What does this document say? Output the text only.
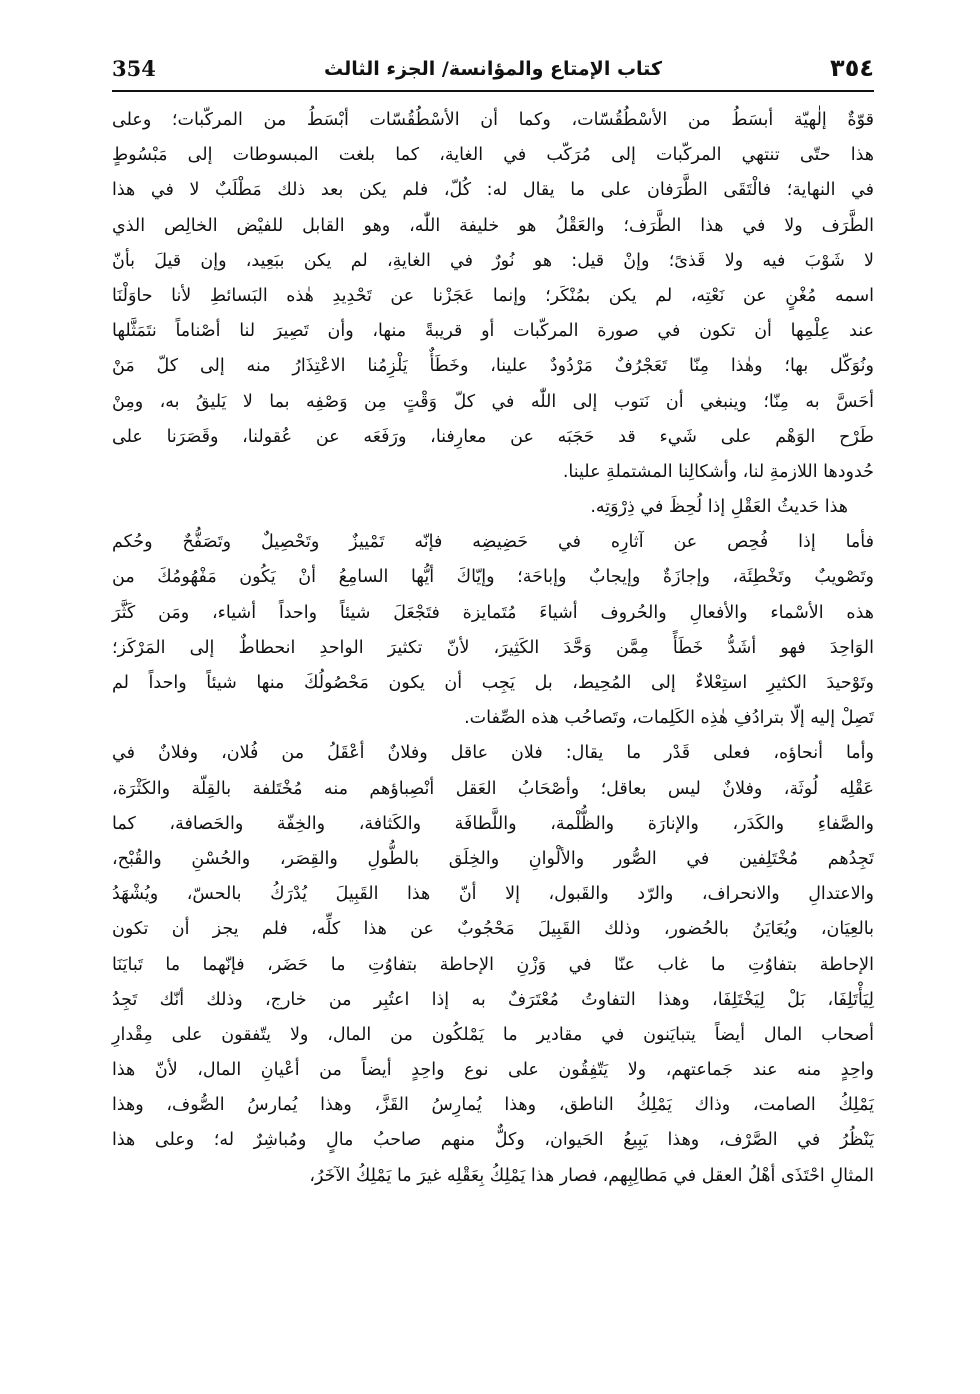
354	كتاب الإمتاع والمؤانسة/ الجزء الثالث	٣٥٤
قوّةٌ إلٰهيّة أبسَطُ من الأسْطُقُسّات، وكما أن الأسْطُقُسّات أبْسَطُ من المركّبات؛ وعلى
هذا حتّى تنتهي المركّبات إلى مُرَكّب في الغاية، كما بلغت المبسوطات إلى مَبْسُوطٍ
في النهاية؛ فالْتَقَى الطَّرَفان على ما يقال له: كُلّ، فلم يكن بعد ذلك مَطْلَبٌ لا في هذا
الطَّرَف ولا في هذا الطَّرَف؛ والعَقْلُ هو خليفة اللّٰه، وهو القابل للفيْض الخالِص الذي
لا شَوْبَ فيه ولا قَذىً؛ وإنْ قيل: هو نُورٌ في الغايةِ، لم يكن ببَعِيد، وإن قيلَ بأنّ
اسمه مُغْنٍ عن نَعْتِه، لم يكن بمُنْكَر؛ وإنما عَجَزْنا عن تَحْدِيدِ هٰذه البَسائطِ لأنا حاوَلْنَا
عند عِلْمِها أن تكون في صورة المركّبات أو قريبةً منها، وأن تَصِيرَ لنا أصْناماً نتَمَثَّلها
ونُوَكّل بها؛ وهٰذا مِنّا تَعَجْرُفٌ مَرْدُودٌ علينا، وخَطَأٌ يَلْزِمُنا الاعْتِذَارُ منه إلى كلّ مَنْ
أحَسَّ به مِنّا؛ وينبغي أن نَتوب إلى اللّٰه في كلّ وَقْتٍ مِن وَصْفِه بما لا يَليقُ به، ومِنْ
طَرْح الوَهْم على شَيء قد حَجَبَه عن معارِفنا، ورَفَعَه عن عُقولنا، وقَصَرَنا على
حُدودها اللازمةِ لنا، وأشكالِنا المشتملةِ علينا.
هذا حَديثُ العَقْلِ إذا لُحِظَ في ذِرْوَتِه.
فأما إذا فُحِص عن آثارِه في حَضِيضِه فإنّه تَمْييزٌ وتَحْصِيلٌ وتَصَفُّحٌ وحُكم
وتَصْويبٌ وتَخْطِئَة، وإجازَةٌ وإيجابٌ وإباحَة؛ وإيّاكَ أيُّها السامِعُ أنْ يَكُون مَفْهُومُكَ من
هذه الأسْماء والأفعالِ والحُروف أشياءَ مُتَمايزة فتَجْعَلَ شيئاً واحداً أشياء، ومَن كَثَّرَ
الوَاحِدَ فهو أشَدُّ خَطَأً مِمَّن وَحَّدَ الكَثِيرَ، لأنّ تكثيرَ الواحدِ انحطاطٌ إلى المَرْكَز؛
وتَوْحيدَ الكثيرِ استِعْلاءٌ إلى المُحِيط، بل يَجِب أن يكون مَحْصُولُكَ منها شيئاً واحداً لم
تَصِلْ إليه إلّا بترادُفِ هٰذِه الكَلِمات، وتَصاحُب هذه الصِّفات.
وأما أنحاؤه، فعلى قَدْر ما يقال: فلان عاقل وفلانٌ أعْقَلُ من فُلان، وفلانٌ في
عَقْلِه لُوثَة، وفلانٌ ليس بعاقل؛ وأصْحَابُ العَقل أنْصِباؤهم منه مُخْتَلفة بالقِلّة والكَثْرَة،
والصَّفاءِ والكَدَر، والإنارَة والظُّلْمة، واللَّطافَة والكَثافة، والخِفّة والحَصافة، كما
تَجِدُهم مُخْتَلِفين في الصُّور والألْوانِ والخِلَق بالطُّولِ والقِصَر، والحُسْنِ والقُبْح،
والاعتدالِ والانحراف، والرّد والقَبول، إلا أنّ هذا القَبِيلَ يُدْرَكُ بالحسّ، ويُشْهَدُ
بالعِيَان، ويُعَايَنُ بالحُضور، وذلك القَبِيلَ مَحْجُوبٌ عن هذا كلِّه، فلم يجز أن تكون
الإحاطة بتفاوُتِ ما غاب عنّا في وَزْنِ الإحاطة بتفاوُتِ ما حَضَر، فإنّهما ما تَبايَنَا
لِيَأْتَلِفَا، بَلْ لِيَخْتَلِفَا، وهذا التفاوتُ مُعْتَرَفٌ به إذا اعتُبِر من خارج، وذلك أنّك تَجِدُ
أصحاب المال أيضاً يتبايَنون في مقادير ما يَمْلكُون من المال، ولا يتّفقون على مِقْدارِ
واحِدٍ منه عند جَماعتهم، ولا يَتّفِقُون على نوع واحِدٍ أيضاً من أعْيانِ المال، لأنّ هذا
يَمْلِكُ الصامت، وذاك يَمْلِكُ الناطق، وهذا يُمارِسُ القَزَّ، وهذا يُمارسُ الصُّوف، وهذا
يَنْظُرُ في الصَّرْف، وهذا يَبِيعُ الحَيوان، وكلٌّ منهم صاحبُ مالٍ ومُباشِرٌ له؛ وعلى هذا
المثالِ احْتَذَى أهْلُ العقل في مَطالِبِهم، فصار هذا يَمْلِكُ بِعَقْلِه غيرَ ما يَمْلِكُ الآخَرُ،
